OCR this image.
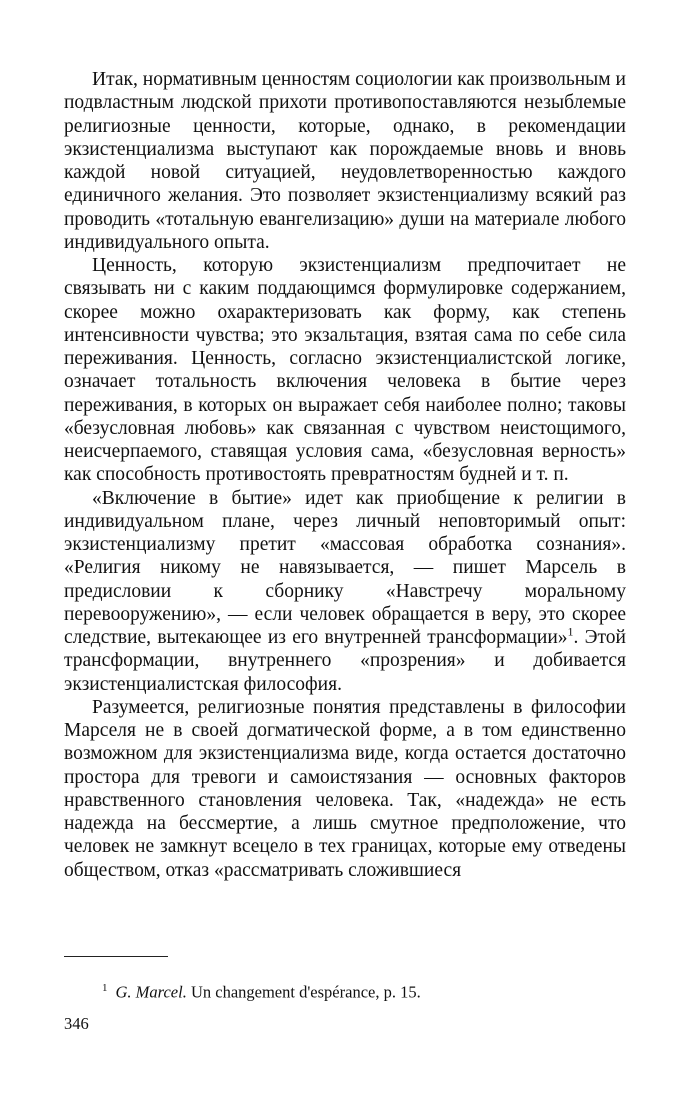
Итак, нормативным ценностям социологии как произвольным и подвластным людской прихоти противопоставляются незыблемые религиозные ценности, которые, однако, в рекомендации экзистенциализма выступают как порождаемые вновь и вновь каждой новой ситуацией, неудовлетворенностью каждого единичного желания. Это позволяет экзистенциализму всякий раз проводить «тотальную евангелизацию» души на материале любого индивидуального опыта.

Ценность, которую экзистенциализм предпочитает не связывать ни с каким поддающимся формулировке содержанием, скорее можно охарактеризовать как форму, как степень интенсивности чувства; это экзальтация, взятая сама по себе сила переживания. Ценность, согласно экзистенциалистской логике, означает тотальность включения человека в бытие через переживания, в которых он выражает себя наиболее полно; таковы «безусловная любовь» как связанная с чувством неистощимого, неисчерпаемого, ставящая условия сама, «безусловная верность» как способность противостоять превратностям будней и т. п.

«Включение в бытие» идет как приобщение к религии в индивидуальном плане, через личный неповторимый опыт: экзистенциализму претит «массовая обработка сознания». «Религия никому не навязывается, — пишет Марсель в предисловии к сборнику «Навстречу моральному перевооружению», — если человек обращается в веру, это скорее следствие, вытекающее из его внутренней трансформации»$^1$. Этой трансформации, внутреннего «прозрения» и добивается экзистенциалистская философия.

Разумеется, религиозные понятия представлены в философии Марселя не в своей догматической форме, а в том единственно возможном для экзистенциализма виде, когда остается достаточно простора для тревоги и самоистязания — основных факторов нравственного становления человека. Так, «надежда» не есть надежда на бессмертие, а лишь смутное предположение, что человек не замкнут всецело в тех границах, которые ему отведены обществом, отказ «рассматривать сложившиеся

$^1$ G. Marcel. Un changement d'espérance, p. 15.
346
